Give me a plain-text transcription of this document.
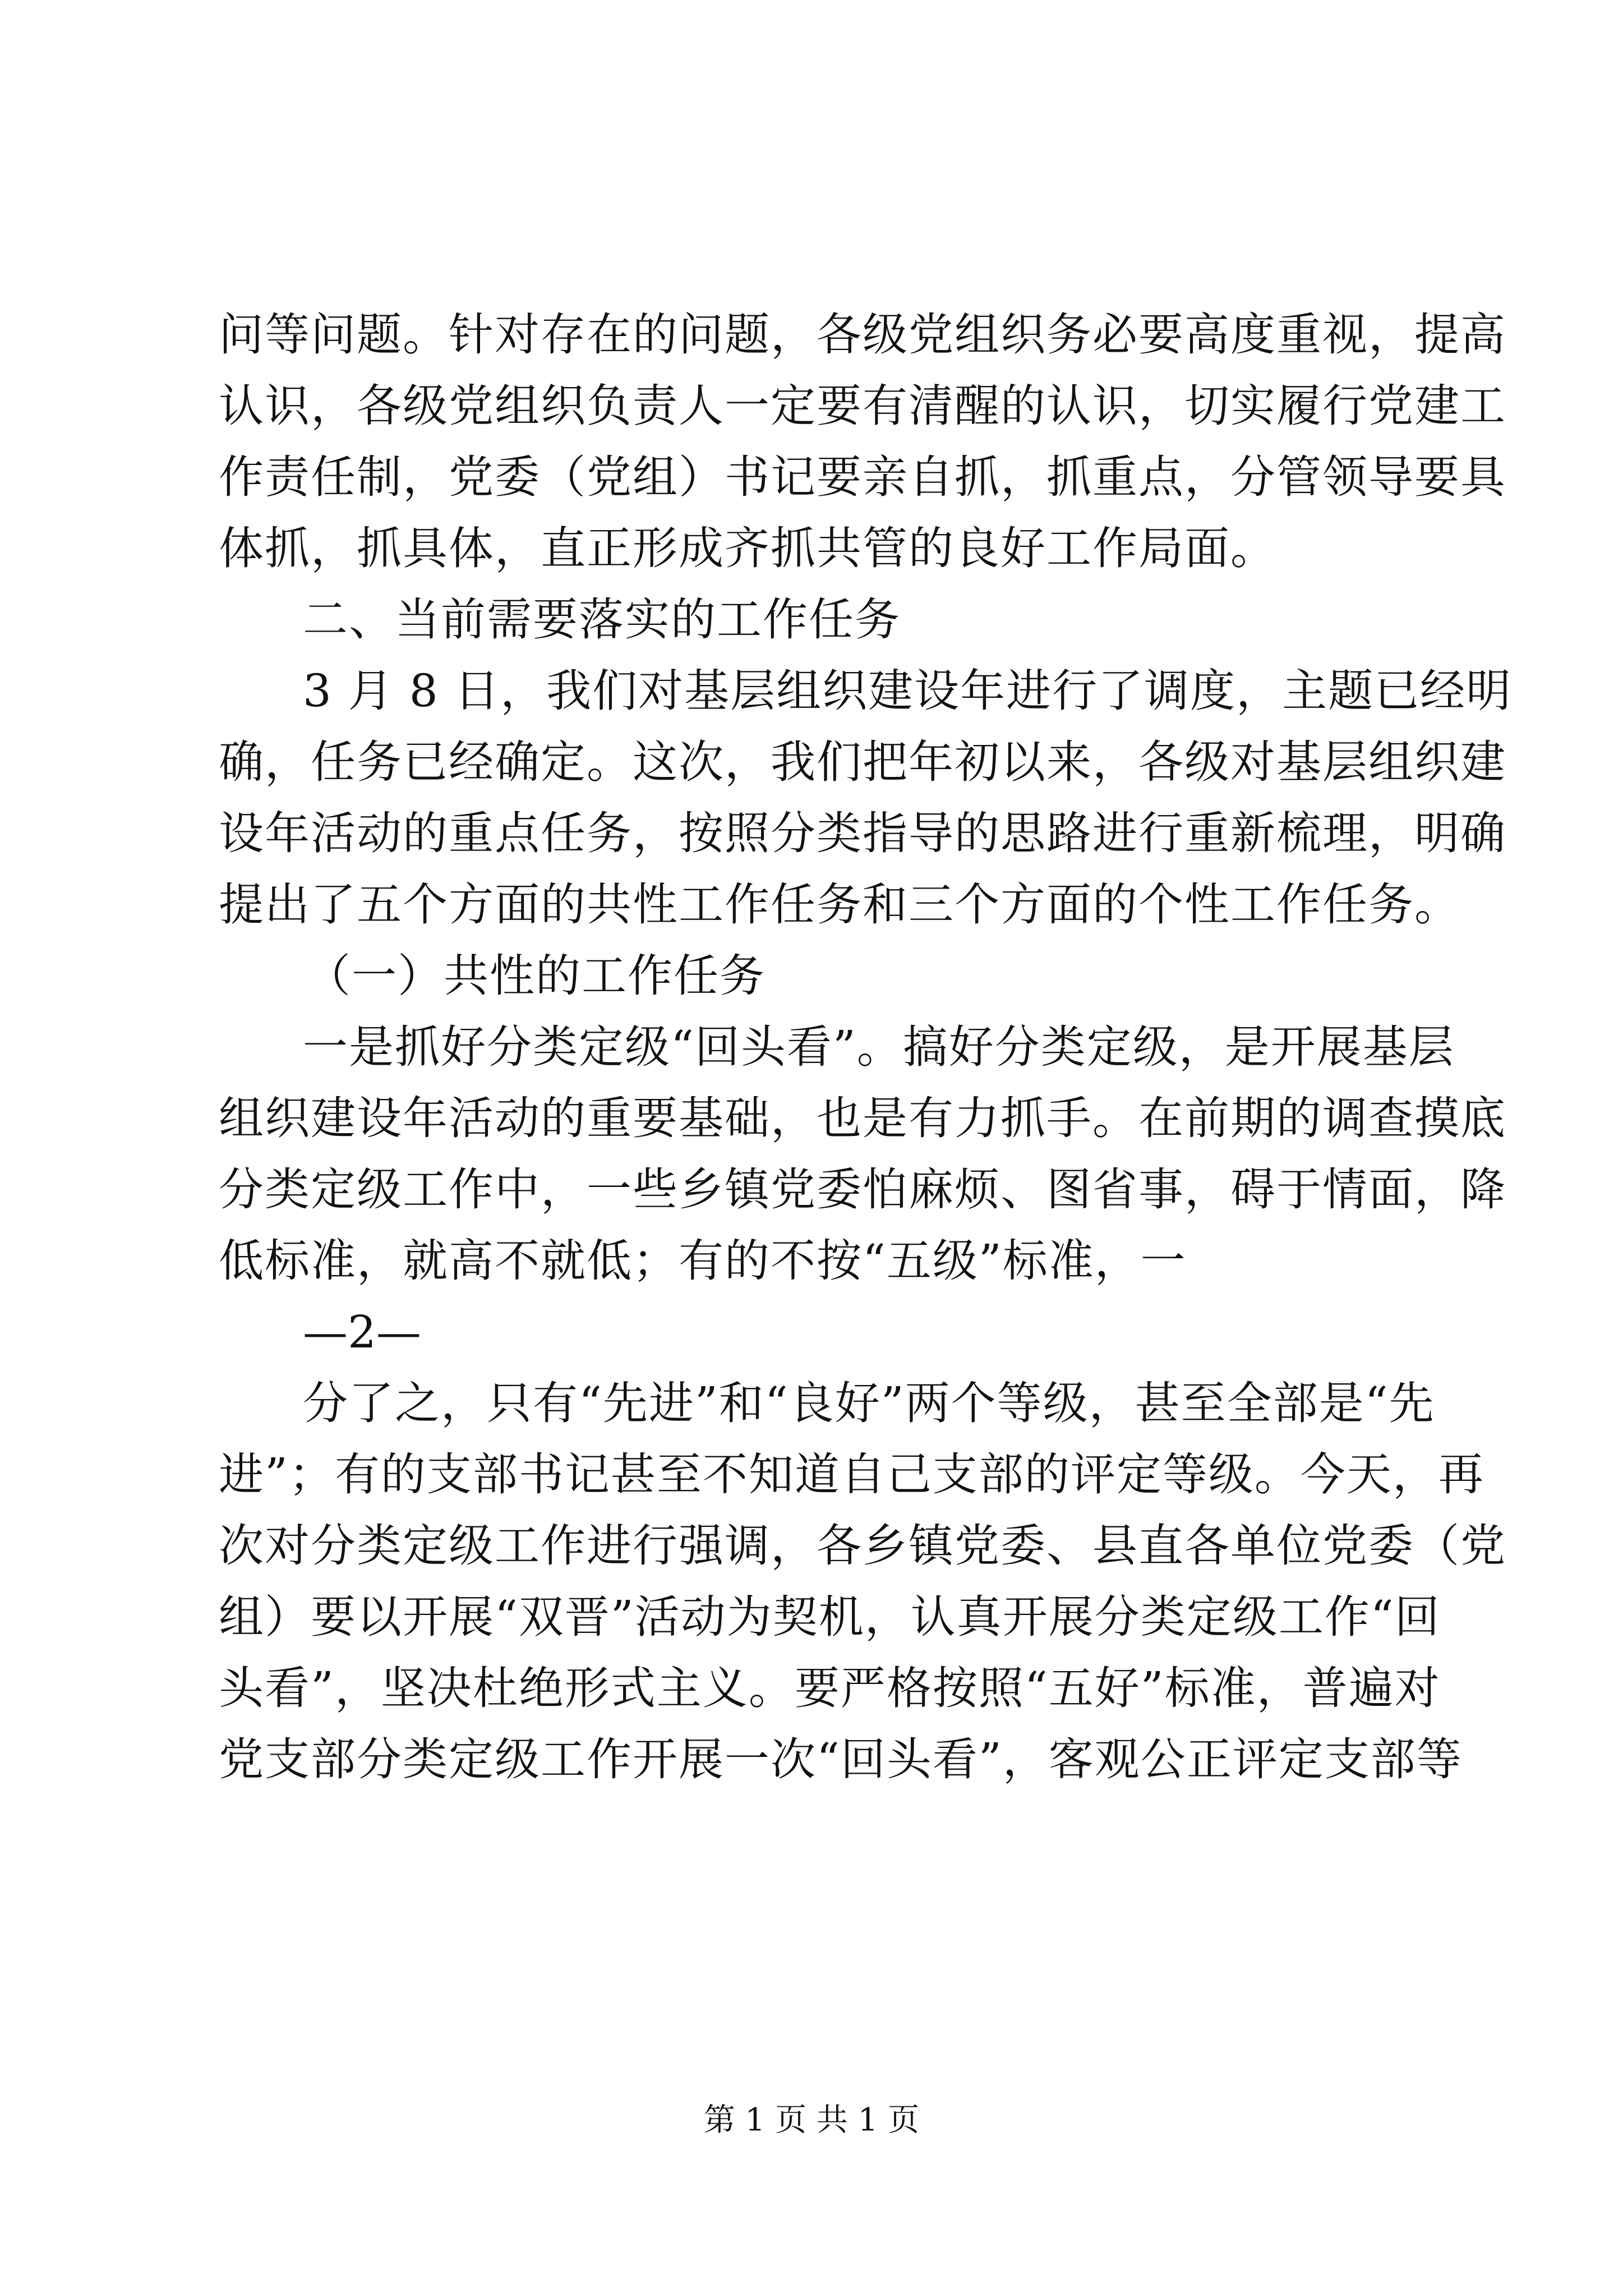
问等问题。针对存在的问题，各级党组织务必要高度重视，提高
认识，各级党组织负责人一定要有清醒的认识，切实履行党建工
作责任制，党委（党组）书记要亲自抓，抓重点，分管领导要具
体抓，抓具体，直正形成齐抓共管的良好工作局面。
二、当前需要落实的工作任务
3 月 8 日，我们对基层组织建设年进行了调度，主题已经明
确，任务已经确定。这次，我们把年初以来，各级对基层组织建
设年活动的重点任务，按照分类指导的思路进行重新梳理，明确
提出了五个方面的共性工作任务和三个方面的个性工作任务。
（一）共性的工作任务
一是抓好分类定级“回头看”。搞好分类定级，是开展基层
组织建设年活动的重要基础，也是有力抓手。在前期的调查摸底
分类定级工作中，一些乡镇党委怕麻烦、图省事，碍于情面，降
低标准，就高不就低；有的不按“五级”标准，一
—2—
分了之，只有“先进”和“良好”两个等级，甚至全部是“先
进”；有的支部书记甚至不知道自己支部的评定等级。今天，再
次对分类定级工作进行强调，各乡镇党委、县直各单位党委（党
组）要以开展“双晋”活动为契机，认真开展分类定级工作“回
头看”，坚决杜绝形式主义。要严格按照“五好”标准，普遍对
党支部分类定级工作开展一次“回头看”，客观公正评定支部等
第 1 页 共 1 页
